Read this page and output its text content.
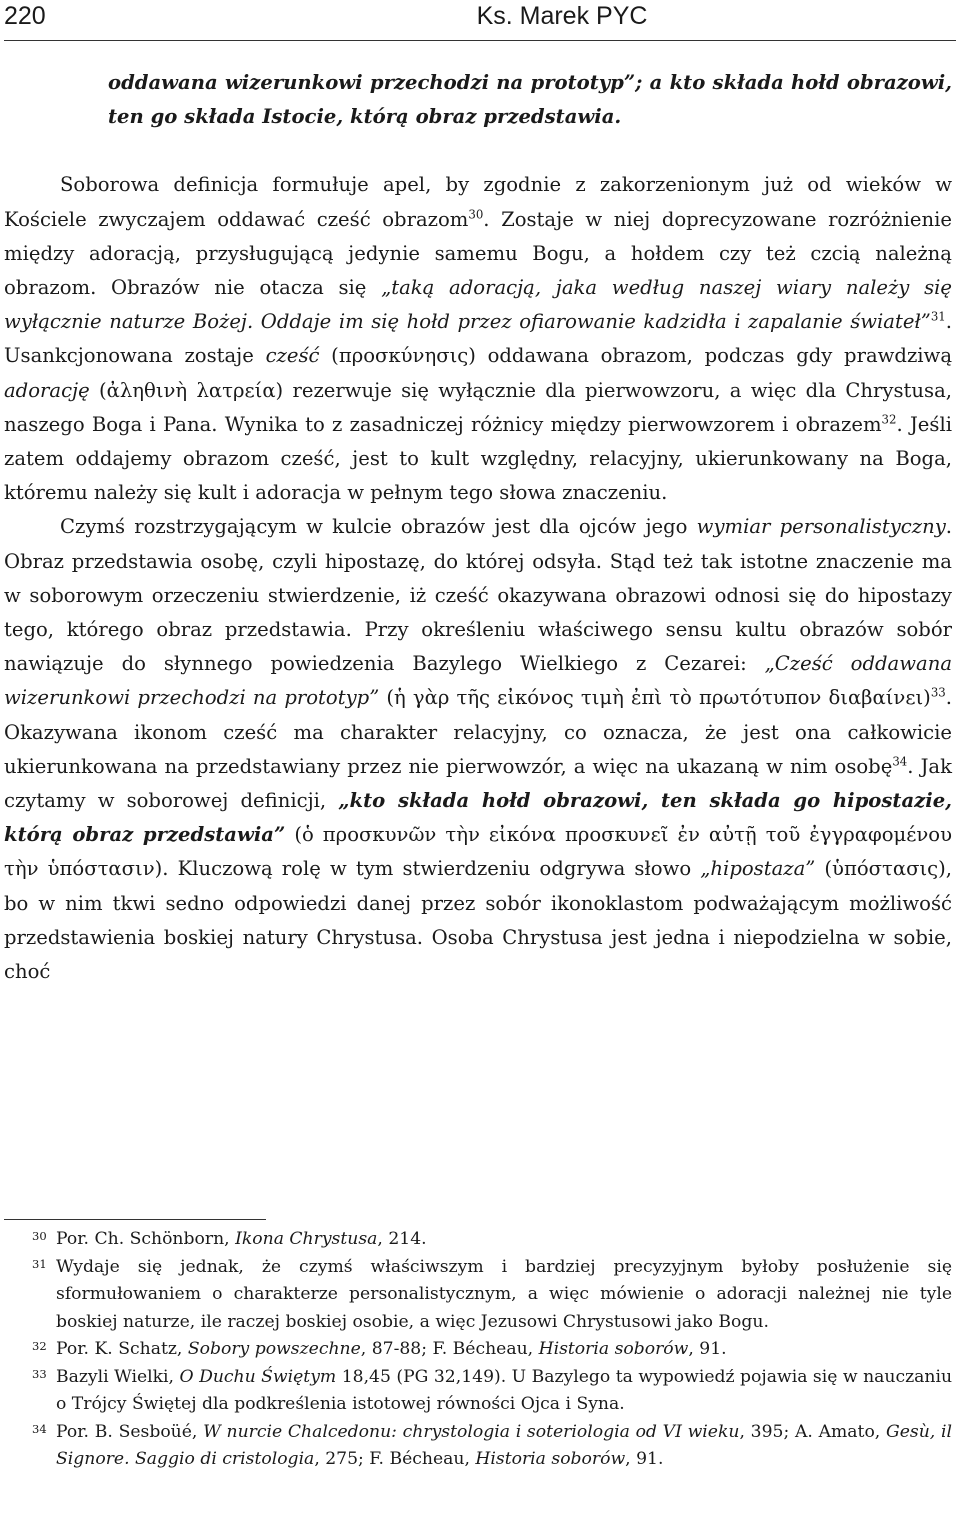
220	Ks. Marek PYC

oddawana wizerunkowi przechodzi na prototyp”; a kto składa hołd obrazowi, ten go składa Istocie, którą obraz przedstawia.

Soborowa definicja formułuje apel, by zgodnie z zakorzenionym już od wieków w Kościele zwyczajem oddawać cześć obrazom$^{30}$. Zostaje w niej doprecyzowane rozróżnienie między adoracją, przysługującą jedynie samemu Bogu, a hołdem czy też czcią należną obrazom. Obrazów nie otacza się „taką adoracją, jaka według naszej wiary należy się wyłącznie naturze Bożej. Oddaje im się hołd przez ofiarowanie kadzidła i zapalanie świateł”$^{31}$. Usankcjonowana zostaje cześć (προσκύνησις) oddawana obrazom, podczas gdy prawdziwą adorację (ἀληθινὴ λατρεία) rezerwuje się wyłącznie dla pierwowzoru, a więc dla Chrystusa, naszego Boga i Pana. Wynika to z zasadniczej różnicy między pierwowzorem i obrazem$^{32}$. Jeśli zatem oddajemy obrazom cześć, jest to kult względny, relacyjny, ukierunkowany na Boga, któremu należy się kult i adoracja w pełnym tego słowa znaczeniu.

Czymś rozstrzygającym w kulcie obrazów jest dla ojców jego wymiar personalistyczny. Obraz przedstawia osobę, czyli hipostazę, do której odsyła. Stąd też tak istotne znaczenie ma w soborowym orzeczeniu stwierdzenie, iż cześć okazywana obrazowi odnosi się do hipostazy tego, którego obraz przedstawia. Przy określeniu właściwego sensu kultu obrazów sobór nawiązuje do słynnego powiedzenia Bazylego Wielkiego z Cezarei: „Cześć oddawana wizerunkowi przechodzi na prototyp” (ἡ γὰρ τῆς εἰκόνος τιμὴ ἐπὶ τὸ πρωτότυπον διαβαίνει)$^{33}$. Okazywana ikonom cześć ma charakter relacyjny, co oznacza, że jest ona całkowicie ukierunkowana na przedstawiany przez nie pierwowzór, a więc na ukazaną w nim osobę$^{34}$. Jak czytamy w soborowej definicji, „kto składa hołd obrazowi, ten składa go hipostazie, którą obraz przedstawia” (ὁ προσκυνῶν τὴν εἰκόνα προσκυνεῖ ἐν αὐτῇ τοῦ ἐγγραφομένου τὴν ὑπόστασιν). Kluczową rolę w tym stwierdzeniu odgrywa słowo „hipostaza” (ὑπόστασις), bo w nim tkwi sedno odpowiedzi danej przez sobór ikonoklastom podważającym możliwość przedstawienia boskiej natury Chrystusa. Osoba Chrystusa jest jedna i niepodzielna w sobie, choć

30 Por. Ch. Schönborn, Ikona Chrystusa, 214.
31 Wydaje się jednak, że czymś właściwszym i bardziej precyzyjnym byłoby posłużenie się sformułowaniem o charakterze personalistycznym, a więc mówienie o adoracji należnej nie tyle boskiej naturze, ile raczej boskiej osobie, a więc Jezusowi Chrystusowi jako Bogu.
32 Por. K. Schatz, Sobory powszechne, 87-88; F. Bécheau, Historia soborów, 91.
33 Bazyli Wielki, O Duchu Świętym 18,45 (PG 32,149). U Bazylego ta wypowiedź pojawia się w nauczaniu o Trójcy Świętej dla podkreślenia istotowej równości Ojca i Syna.
34 Por. B. Sesboüé, W nurcie Chalcedonu: chrystologia i soteriologia od VI wieku, 395; A. Amato, Gesù, il Signore. Saggio di cristologia, 275; F. Bécheau, Historia soborów, 91.
